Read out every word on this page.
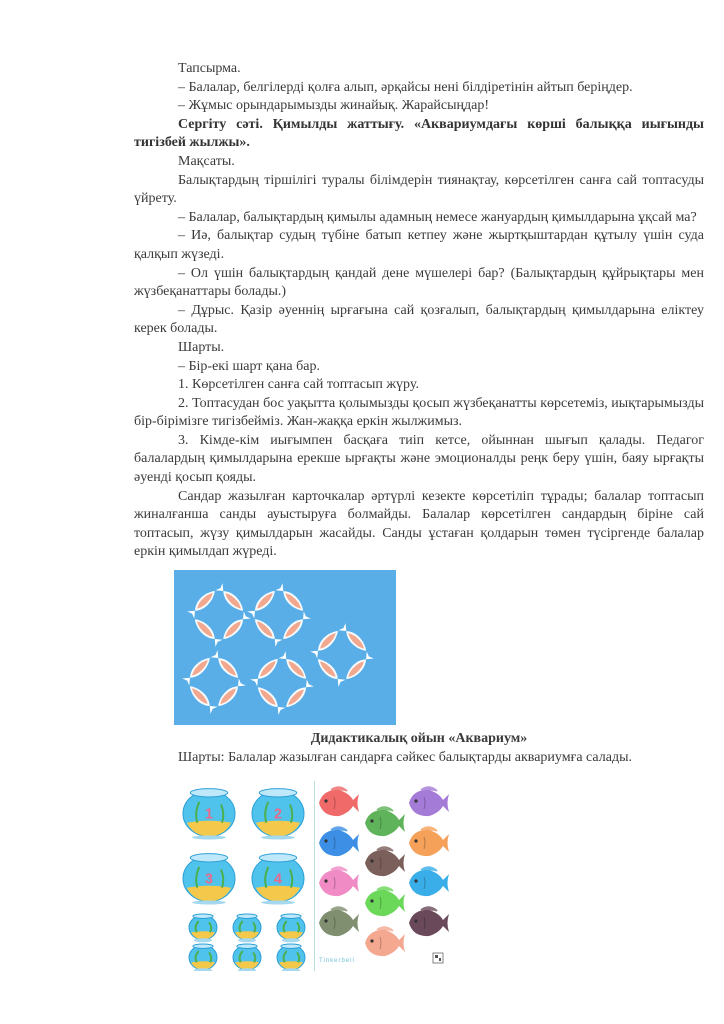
Тапсырма.

– Балалар, белгілерді қолға алып, әрқайсы нені білдіретінін айтып беріңдер.

– Жұмыс орындарымызды жинайық. Жарайсыңдар!

Сергіту сәті. Қимылды жаттығу. «Аквариумдағы көрші балыққа иығынды тигізбей жылжы».

Мақсаты.

Балықтардың тіршілігі туралы білімдерін тиянақтау, көрсетілген санға сай топтасуды үйрету.

– Балалар, балықтардың қимылы адамның немесе жануардың қимылдарына ұқсай ма?

– Иә, балықтар судың түбіне батып кетпеу және жыртқыштардан құтылу үшін суда қалқып жүзеді.

– Ол үшін балықтардың қандай дене мүшелері бар? (Балықтардың құйрықтары мен жүзбеқанаттары болады.)

– Дұрыс. Қазір әуеннің ырғағына сай қозғалып, балықтардың қимылдарына еліктеу керек болады.

Шарты.

– Бір-екі шарт қана бар.

1. Көрсетілген санға сай топтасып жүру.

2. Топтасудан бос уақытта қолымызды қосып жүзбеқанатты көрсетеміз, иықтарымызды бір-бірімізге тигізбейміз. Жан-жаққа еркін жылжимыз.

3. Кімде-кім иығымпен басқаға тиіп кетсе, ойыннан шығып қалады. Педагог балалардың қимылдарына ерекше ырғақты және эмоционалды реңк беру үшін, баяу ырғақты әуенді қосып қояды.

Сандар жазылған карточкалар әртүрлі кезекте көрсетіліп тұрады; балалар топтасып жиналғанша санды ауыстыруға болмайды. Балалар көрсетілген сандардың біріне сай топтасып, жүзу қимылдарын жасайды. Санды ұстаған қолдарын төмен түсіргенде балалар еркін қимылдап жүреді.

Дидактикалық ойын «Аквариум»
Шарты: Балалар жазылған сандарға сәйкес балықтарды аквариумға салады.
1	2
3	4
Tinkerbell
